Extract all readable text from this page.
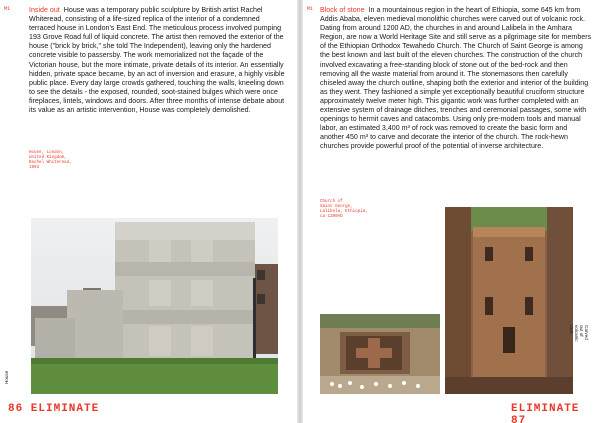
M1	Inside out House was a temporary public sculpture by British artist Rachel Whiteread, consisting of a life-sized replica of the interior of a condemned terraced house in London's East End. The meticulous process involved pumping 193 Grove Road full of liquid concrete. The artist then removed the exterior of the house ("brick by brick," she told The Independent), leaving only the hardened concrete visible to passersby. The work memorialized not the façade of the Victorian house, but the more intimate, private details of its interior. An essentially hidden, private space became, by an act of inversion and erasure, a highly visible public place. Every day large crowds gathered, touching the walls, kneeling down to see the details - the exposed, rounded, soot-stained bulges which were once fireplaces, lintels, windows and doors. After three months of intense debate about its value as an artistic intervention, House was completely demolished.

House, London,
United Kingdom,
Rachel Whiteread,
1993
House
86 ELIMINATE
M1 Block of stone In a mountainous region in the heart of Ethiopia, some 645 km from Addis Ababa, eleven medieval monolithic churches were carved out of volcanic rock. Dating from around 1200 AD, the churches in and around Lalibela in the Amhara Region, are now a World Heritage Site and still serve as a pilgrimage site for members of the Ethiopian Orthodox Tewahedo Church. The Church of Saint George is among the best known and last built of the eleven churches. The construction of the church involved excavating a free-standing block of stone out of the bed-rock and then removing all the waste material from around it. The stonemasons then carefully chiseled away the church outline, shaping both the exterior and interior of the building as they went. They fashioned a simple yet exceptionally beautiful cruciform structure approximately twelve meter high. This gigantic work was further completed with an extensive system of drainage ditches, trenches and ceremonial passages, some with openings to hermit caves and catacombs. Using only pre-modern tools and manual labor, an estimated 3,400 m³ of rock was removed to create the basic form and another 450 m³ to carve and decorate the interior of the church. The rock-hewn churches provide powerful proof of the potential of inverse architecture.

Church of
Saint George,
Lalibela, Ethiopia,
ca 1200AD
Carved out of
volcanic rock
ELIMINATE 87
